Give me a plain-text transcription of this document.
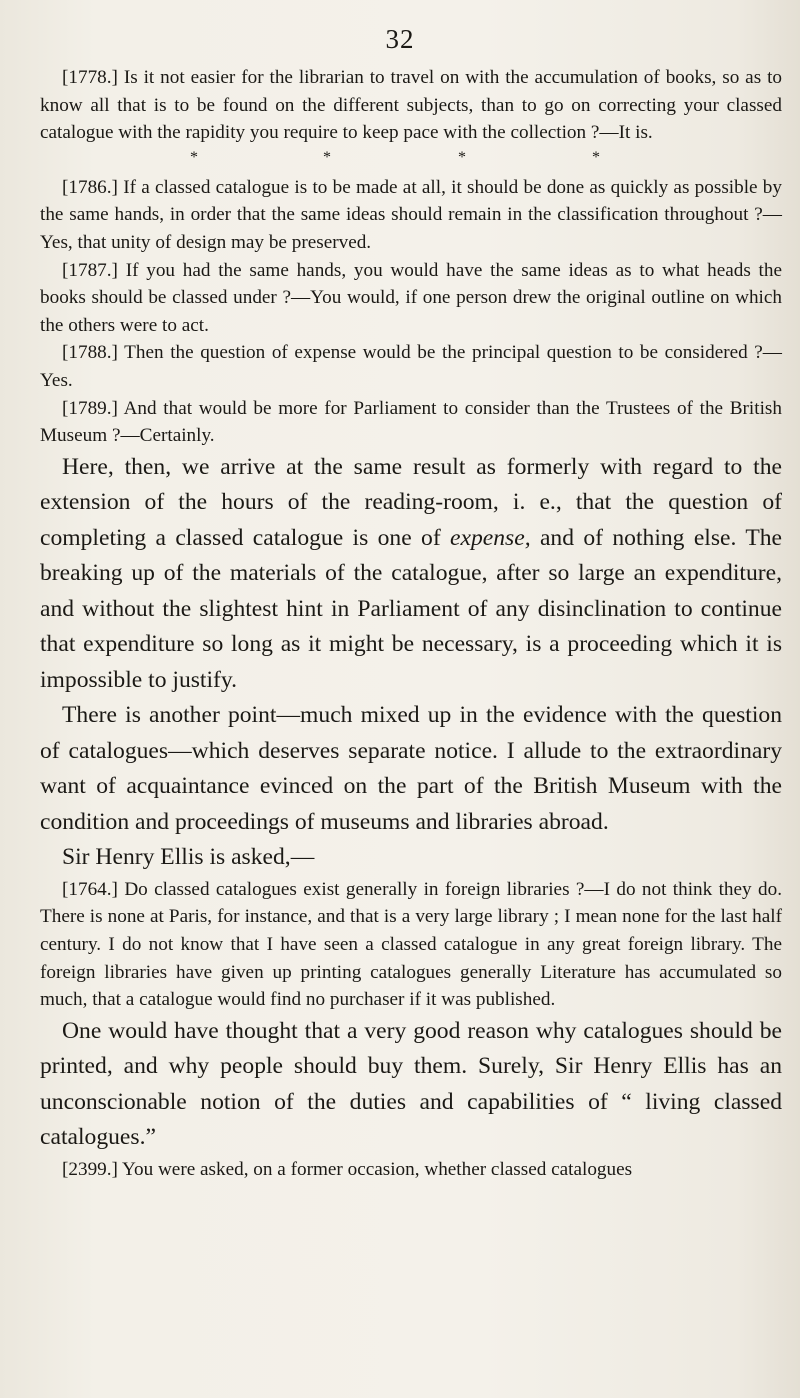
32

[1778.] Is it not easier for the librarian to travel on with the accumulation of books, so as to know all that is to be found on the different subjects, than to go on correcting your classed catalogue with the rapidity you require to keep pace with the collection ?—It is.

*	*	*	*

[1786.] If a classed catalogue is to be made at all, it should be done as quickly as possible by the same hands, in order that the same ideas should remain in the classification throughout ?—Yes, that unity of design may be preserved.

[1787.] If you had the same hands, you would have the same ideas as to what heads the books should be classed under ?—You would, if one person drew the original outline on which the others were to act.

[1788.] Then the question of expense would be the principal question to be considered ?—Yes.

[1789.] And that would be more for Parliament to consider than the Trustees of the British Museum ?—Certainly.

Here, then, we arrive at the same result as formerly with regard to the extension of the hours of the reading-room, i. e., that the question of completing a classed catalogue is one of expense, and of nothing else. The breaking up of the materials of the catalogue, after so large an expenditure, and without the slightest hint in Parliament of any disinclination to continue that expenditure so long as it might be necessary, is a proceeding which it is impossible to justify.

There is another point—much mixed up in the evidence with the question of catalogues—which deserves separate notice. I allude to the extraordinary want of acquaintance evinced on the part of the British Museum with the condition and proceedings of museums and libraries abroad.

Sir Henry Ellis is asked,—

[1764.] Do classed catalogues exist generally in foreign libraries ?—I do not think they do. There is none at Paris, for instance, and that is a very large library ; I mean none for the last half century. I do not know that I have seen a classed catalogue in any great foreign library. The foreign libraries have given up printing catalogues generally Literature has accumulated so much, that a catalogue would find no purchaser if it was published.

One would have thought that a very good reason why catalogues should be printed, and why people should buy them. Surely, Sir Henry Ellis has an unconscionable notion of the duties and capabilities of “ living classed catalogues.”

[2399.] You were asked, on a former occasion, whether classed catalogues
